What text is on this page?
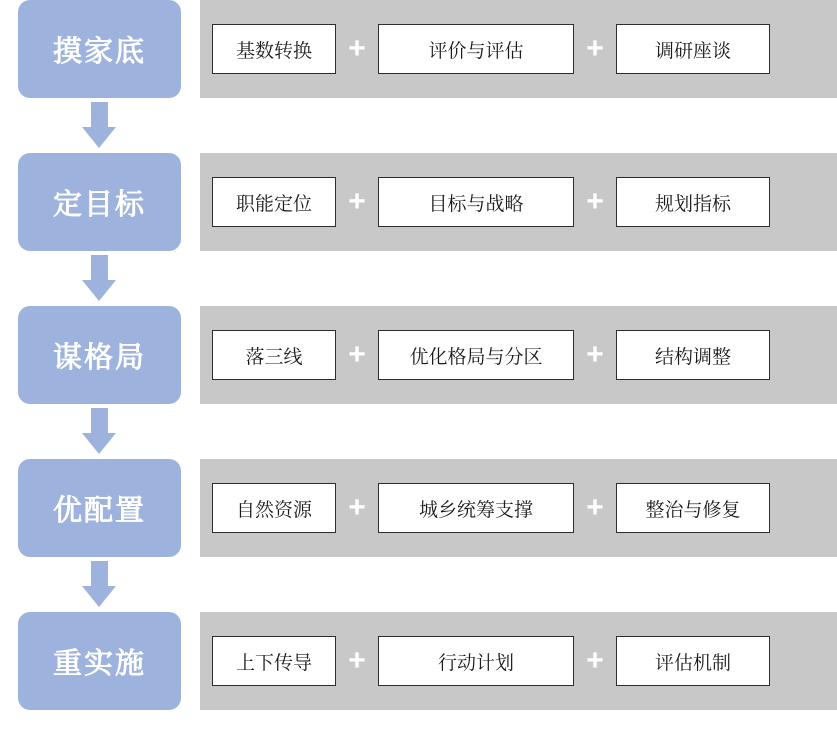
摸家底	基数转换	+	评价与评估	+	调研座谈
定目标	职能定位	+	目标与战略	+	规划指标
谋格局	落三线	+	优化格局与分区	+	结构调整
优配置	自然资源	+	城乡统筹支撑	+	整治与修复
重实施	上下传导	+	行动计划	+	评估机制
